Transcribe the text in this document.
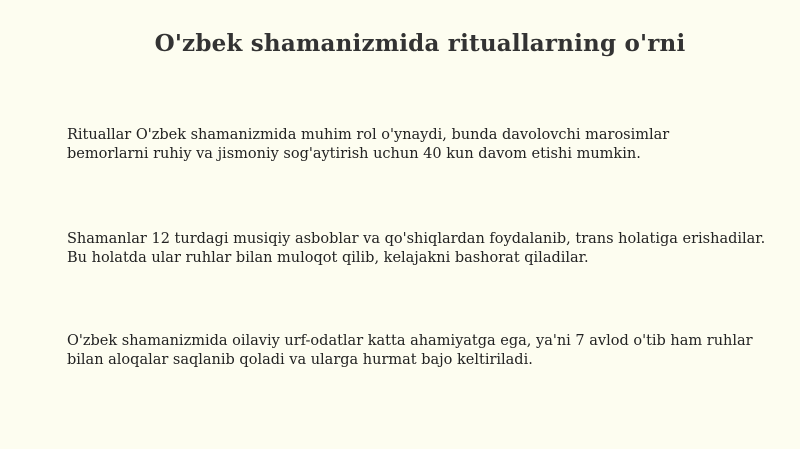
O'zbek shamanizmida rituallarning o'rni

Rituallar O'zbek shamanizmida muhim rol o'ynaydi, bunda davolovchi marosimlar
bemorlarni ruhiy va jismoniy sog'aytirish uchun 40 kun davom etishi mumkin.

Shamanlar 12 turdagi musiqiy asboblar va qo'shiqlardan foydalanib, trans holatiga erishadilar.
Bu holatda ular ruhlar bilan muloqot qilib, kelajakni bashorat qiladilar.

O'zbek shamanizmida oilaviy urf-odatlar katta ahamiyatga ega, ya'ni 7 avlod o'tib ham ruhlar
bilan aloqalar saqlanib qoladi va ularga hurmat bajo keltiriladi.
